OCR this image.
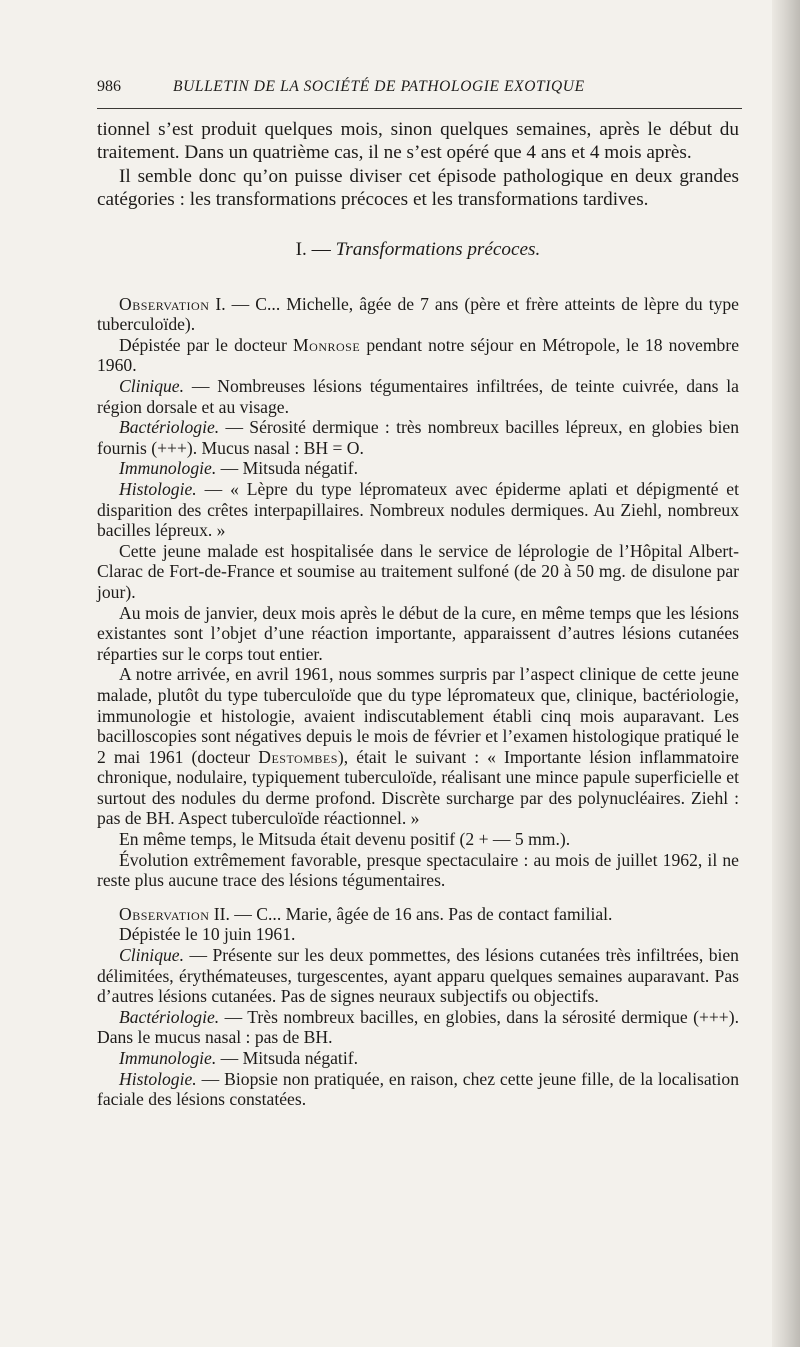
986	BULLETIN DE LA SOCIÉTÉ DE PATHOLOGIE EXOTIQUE

tionnel s’est produit quelques mois, sinon quelques semaines, après le début du traitement. Dans un quatrième cas, il ne s’est opéré que 4 ans et 4 mois après.

Il semble donc qu’on puisse diviser cet épisode pathologique en deux grandes catégories : les transformations précoces et les transformations tardives.

I. — Transformations précoces.

Observation I. — C... Michelle, âgée de 7 ans (père et frère atteints de lèpre du type tuberculoïde).

Dépistée par le docteur Monrose pendant notre séjour en Métropole, le 18 novembre 1960.

Clinique. — Nombreuses lésions tégumentaires infiltrées, de teinte cuivrée, dans la région dorsale et au visage.

Bactériologie. — Sérosité dermique : très nombreux bacilles lépreux, en globies bien fournis (+++). Mucus nasal : BH = O.

Immunologie. — Mitsuda négatif.

Histologie. — « Lèpre du type lépromateux avec épiderme aplati et dépigmenté et disparition des crêtes interpapillaires. Nombreux nodules dermiques. Au Ziehl, nombreux bacilles lépreux. »

Cette jeune malade est hospitalisée dans le service de léprologie de l’Hôpital Albert-Clarac de Fort-de-France et soumise au traitement sulfoné (de 20 à 50 mg. de disulone par jour).

Au mois de janvier, deux mois après le début de la cure, en même temps que les lésions existantes sont l’objet d’une réaction importante, apparaissent d’autres lésions cutanées réparties sur le corps tout entier.

A notre arrivée, en avril 1961, nous sommes surpris par l’aspect clinique de cette jeune malade, plutôt du type tuberculoïde que du type lépromateux que, clinique, bactériologie, immunologie et histologie, avaient indiscutablement établi cinq mois auparavant. Les bacilloscopies sont négatives depuis le mois de février et l’examen histologique pratiqué le 2 mai 1961 (docteur Destombes), était le suivant : « Importante lésion inflammatoire chronique, nodulaire, typiquement tuberculoïde, réalisant une mince papule superficielle et surtout des nodules du derme profond. Discrète surcharge par des polynucléaires. Ziehl : pas de BH. Aspect tuberculoïde réactionnel. »

En même temps, le Mitsuda était devenu positif (2 + — 5 mm.).

Évolution extrêmement favorable, presque spectaculaire : au mois de juillet 1962, il ne reste plus aucune trace des lésions tégumentaires.

Observation II. — C... Marie, âgée de 16 ans. Pas de contact familial.

Dépistée le 10 juin 1961.

Clinique. — Présente sur les deux pommettes, des lésions cutanées très infiltrées, bien délimitées, érythémateuses, turgescentes, ayant apparu quelques semaines auparavant. Pas d’autres lésions cutanées. Pas de signes neuraux subjectifs ou objectifs.

Bactériologie. — Très nombreux bacilles, en globies, dans la sérosité dermique (+++). Dans le mucus nasal : pas de BH.

Immunologie. — Mitsuda négatif.

Histologie. — Biopsie non pratiquée, en raison, chez cette jeune fille, de la localisation faciale des lésions constatées.
